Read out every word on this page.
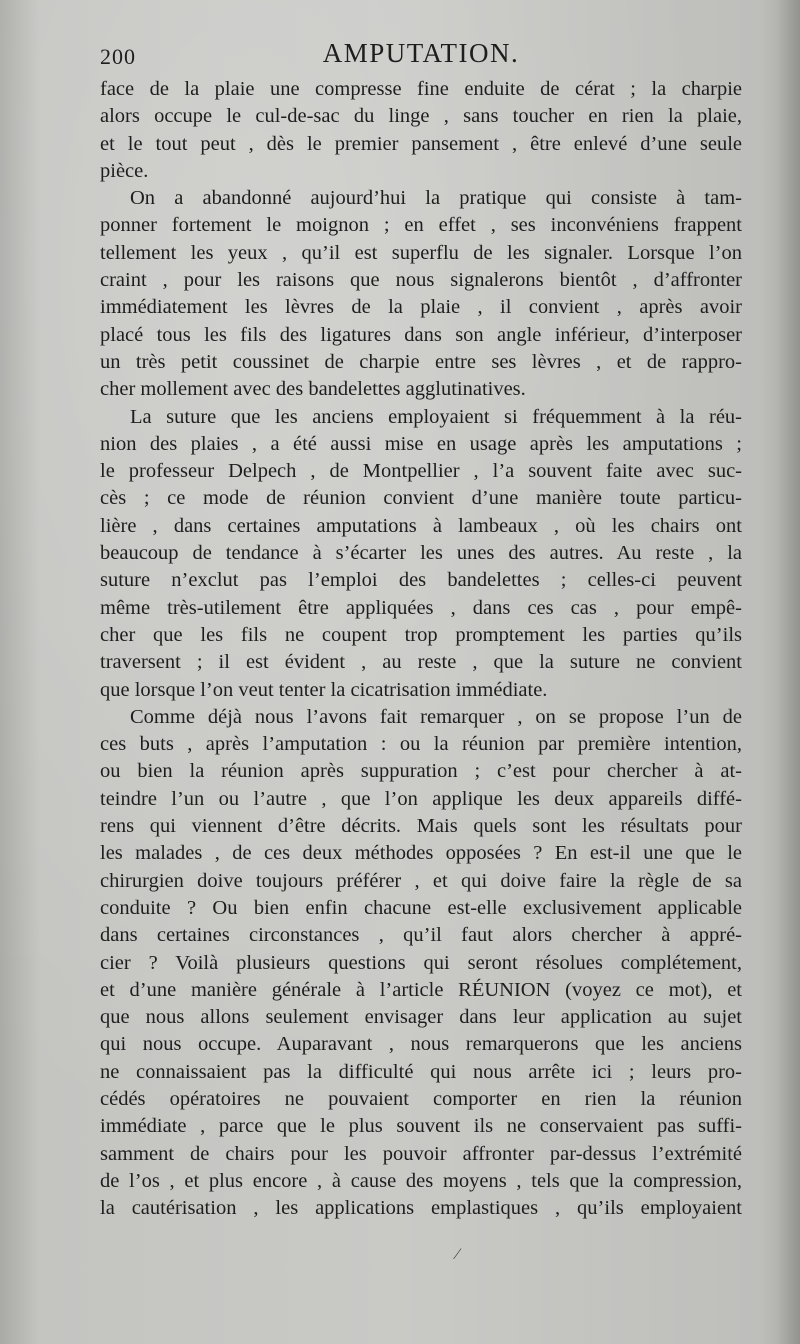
200	AMPUTATION.
face de la plaie une compresse fine enduite de cérat ; la charpie
alors occupe le cul-de-sac du linge , sans toucher en rien la plaie,
et le tout peut , dès le premier pansement , être enlevé d’une seule
pièce.
On a abandonné aujourd’hui la pratique qui consiste à tam-
ponner fortement le moignon ; en effet , ses inconvéniens frappent
tellement les yeux , qu’il est superflu de les signaler. Lorsque l’on
craint , pour les raisons que nous signalerons bientôt , d’affronter
immédiatement les lèvres de la plaie , il convient , après avoir
placé tous les fils des ligatures dans son angle inférieur, d’interposer
un très petit coussinet de charpie entre ses lèvres , et de rappro-
cher mollement avec des bandelettes agglutinatives.
La suture que les anciens employaient si fréquemment à la réu-
nion des plaies , a été aussi mise en usage après les amputations ;
le professeur Delpech , de Montpellier , l’a souvent faite avec suc-
cès ; ce mode de réunion convient d’une manière toute particu-
lière , dans certaines amputations à lambeaux , où les chairs ont
beaucoup de tendance à s’écarter les unes des autres. Au reste , la
suture n’exclut pas l’emploi des bandelettes ; celles-ci peuvent
même très-utilement être appliquées , dans ces cas , pour empê-
cher que les fils ne coupent trop promptement les parties qu’ils
traversent ; il est évident , au reste , que la suture ne convient
que lorsque l’on veut tenter la cicatrisation immédiate.
Comme déjà nous l’avons fait remarquer , on se propose l’un de
ces buts , après l’amputation : ou la réunion par première intention,
ou bien la réunion après suppuration ; c’est pour chercher à at-
teindre l’un ou l’autre , que l’on applique les deux appareils diffé-
rens qui viennent d’être décrits. Mais quels sont les résultats pour
les malades , de ces deux méthodes opposées ? En est-il une que le
chirurgien doive toujours préférer , et qui doive faire la règle de sa
conduite ? Ou bien enfin chacune est-elle exclusivement applicable
dans certaines circonstances , qu’il faut alors chercher à appré-
cier ? Voilà plusieurs questions qui seront résolues complétement,
et d’une manière générale à l’article RÉUNION (voyez ce mot), et
que nous allons seulement envisager dans leur application au sujet
qui nous occupe. Auparavant , nous remarquerons que les anciens
ne connaissaient pas la difficulté qui nous arrête ici ; leurs pro-
cédés opératoires ne pouvaient comporter en rien la réunion
immédiate , parce que le plus souvent ils ne conservaient pas suffi-
samment de chairs pour les pouvoir affronter par-dessus l’extrémité
de l’os , et plus encore , à cause des moyens , tels que la compression,
la cautérisation , les applications emplastiques , qu’ils employaient
⁄
